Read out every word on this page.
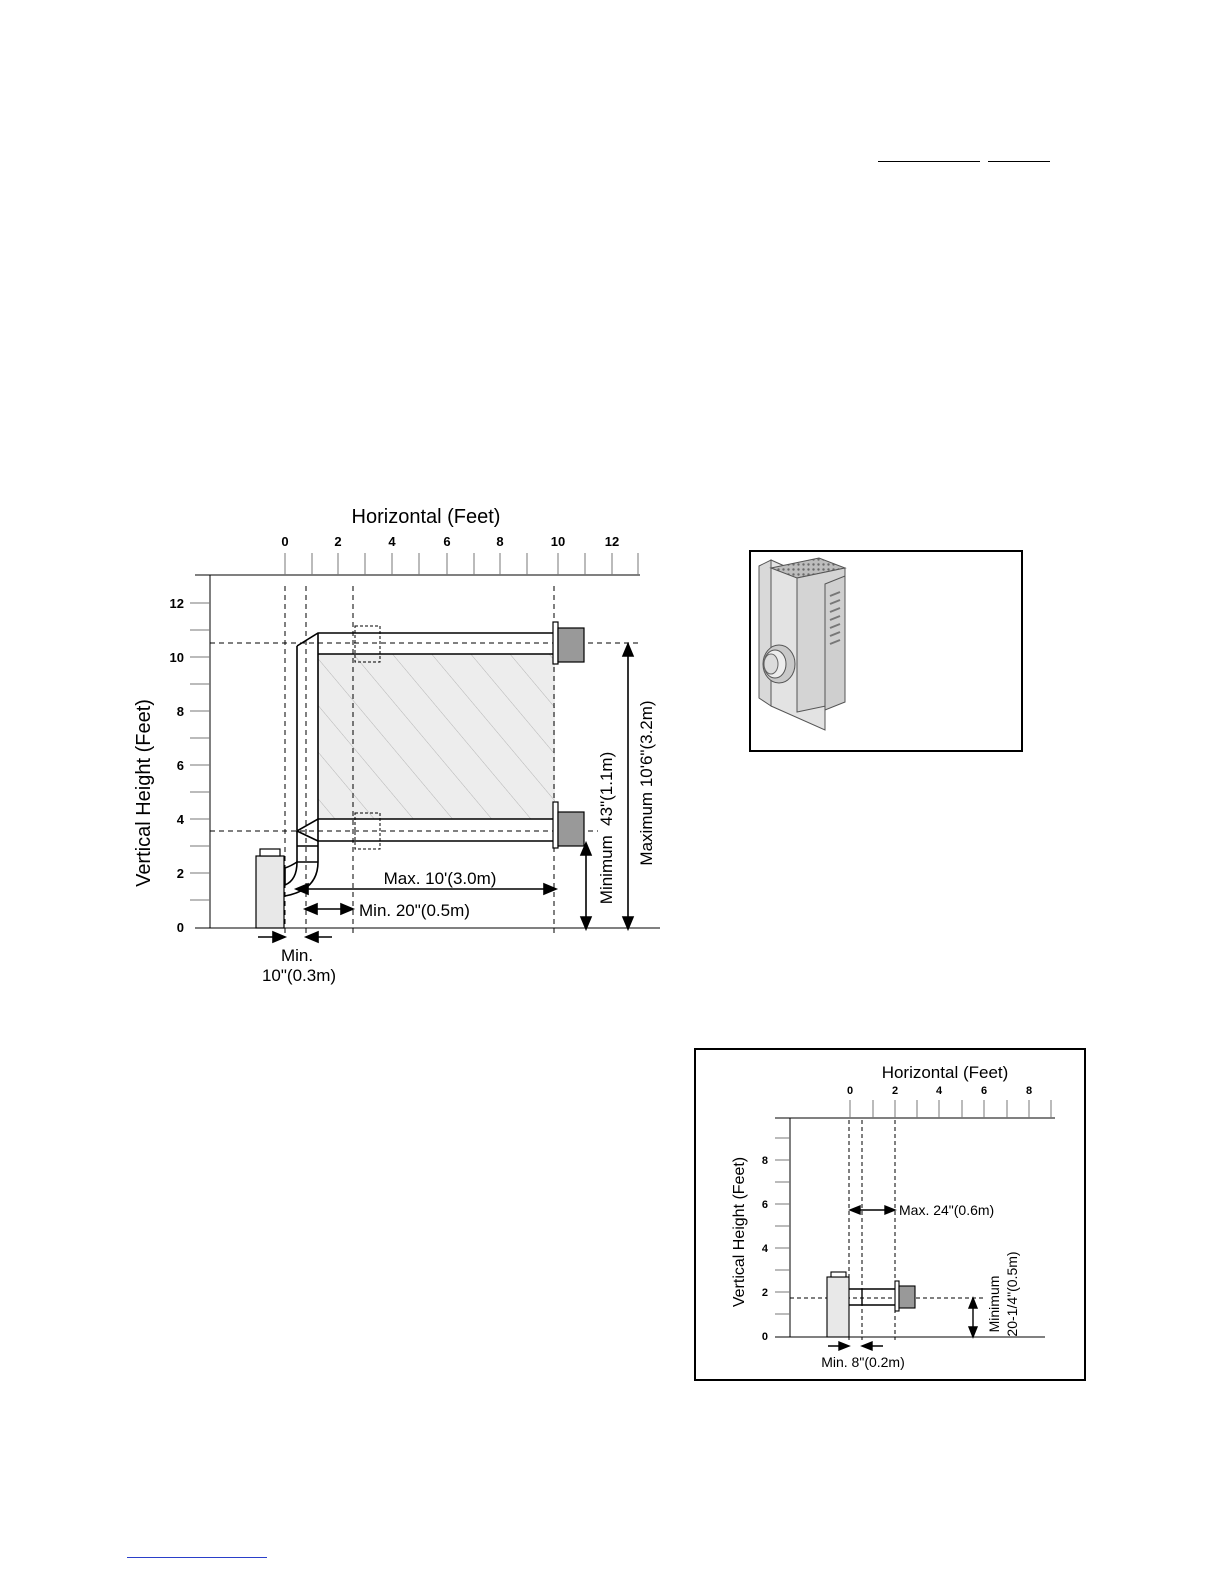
Horizontal (Feet)
0	2	4	6	8	10	12
12
10
8
6
4
2
0
Vertical Height (Feet)	Max. 10'(3.0m)
Min. 20"(0.5m)
Min.
10"(0.3m)
Minimum  43"(1.1m) Maximum 10'6"(3.2m)
Horizontal (Feet)
0	2	4	6	8
8
6
4
2
0
Vertical Height (Feet)	Max. 24"(0.6m)
Min. 8"(0.2m)
Minimum 20-1/4"(0.5m)
